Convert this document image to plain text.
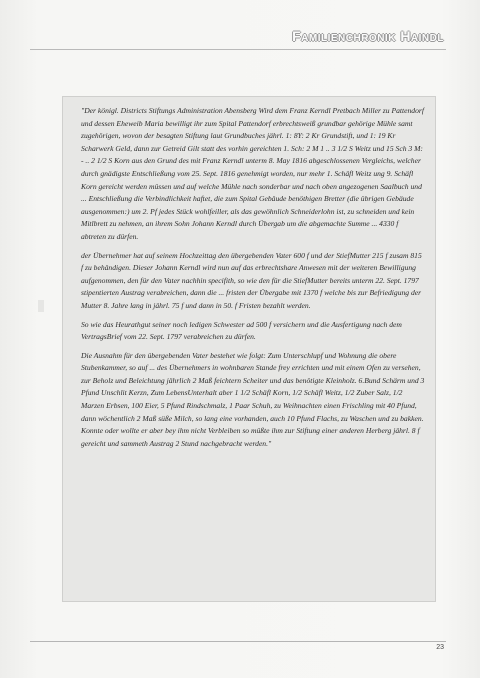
Familienchronik Haindl

"Der königl. Districts Stiftungs Administration Abensberg Wird dem Franz Kerndl Pretbach Miller zu Pattendorf und dessen Eheweib Maria bewilligt ihr zum Spital Pattendorf erbrechtsweiß grundbar gehörige Mühle samt zugehörigen, wovon der besagten Stiftung laut Grundbuches jährl. 1: 8Y: 2 Kr Grundstift, und 1: 19 Kr Scharwerk Geld, dann zur Getreid Gilt statt des vorhin gereichten 1. Sch: 2 M 1 .. 3 1/2 S Weitz und 15 Sch 3 M: - .. 2 1/2 S Korn aus den Grund des mit Franz Kerndl unterm 8. May 1816 abgeschlossenen Vergleichs, welcher durch gnädigste Entschließung vom 25. Sept. 1816 genehmigt worden, nur mehr 1. Schäfl Weitz ung 9. Schäfl Korn gereicht werden müssen und auf welche Mühle nach sonderbar und nach oben angezogenen Saalbuch und ... Entschließung die Verbindlichkeit haftet, die zum Spital Gebäude benöthigen Bretter (die übrigen Gebäude ausgenommen:) um 2. Pf jedes Stück wohlfeiller, als das gewöhnlich Schneiderlohn ist, zu schneiden und kein Mitlbrett zu nehmen, an ihrem Sohn Johann Kerndl durch Übergab um die abgemachte Summe ... 4330 f abtreten zu dürfen.

der Übernehmer hat auf seinem Hochzeittag den übergebenden Vater 600 f und der StiefMutter 215 f zusam 815 f zu behändigen. Dieser Johann Kerndl wird nun auf das erbrechtshare Anwesen mit der weiteren Bewilligung aufgenommen, den für den Vater nachhin specifith, so wie den für die StiefMutter bereits unterm 22. Sept. 1797 stipentierten Austrag verabreichen, dann die ... fristen der Übergabe mit 1370 f welche bis zur Befriedigung der Mutter 8. Jahre lang in jährl. 75 f und dann in 50. f Fristen bezahlt werden.

So wie das Heurathgut seiner noch ledigen Schwester ad 500 f versichern und die Ausfertigung nach dem VertragsBrief vom 22. Sept. 1797 verabreichen zu dürfen.

Die Ausnahm für den übergebenden Vater bestehet wie folgt: Zum Unterschlupf und Wohnung die obere Stubenkammer, so auf ... des Übernehmers in wohnbaren Stande frey errichten und mit einem Ofen zu versehen, zur Beholz und Beleichtung jährlich 2 Maß feichtern Scheiter und das benötigte Kleinholz. 6.Bund Schärm und 3 Pfund Unschlit Kerzn, Zum LebensUnterhalt aber 1 1/2 Schäfl Korn, 1/2 Schäfl Weitz, 1/2 Zuber Salz, 1/2 Marzen Erbsen, 100 Eier, 5 Pfund Rindschmalz, 1 Paar Schuh, zu Weihnachten einen Frischling mit 40 Pfund, dann wöchentlich 2 Maß süße Milch, so lang eine vorhanden, auch 10 Pfund Flachs, zu Waschen und zu bakken. Konnte oder wollte er aber bey ihm nicht Verbleiben so müßte ihm zur Stiftung einer anderen Herberg jährl. 8 f gereicht und sammeth Austrag 2 Stund nachgebracht werden."

23
